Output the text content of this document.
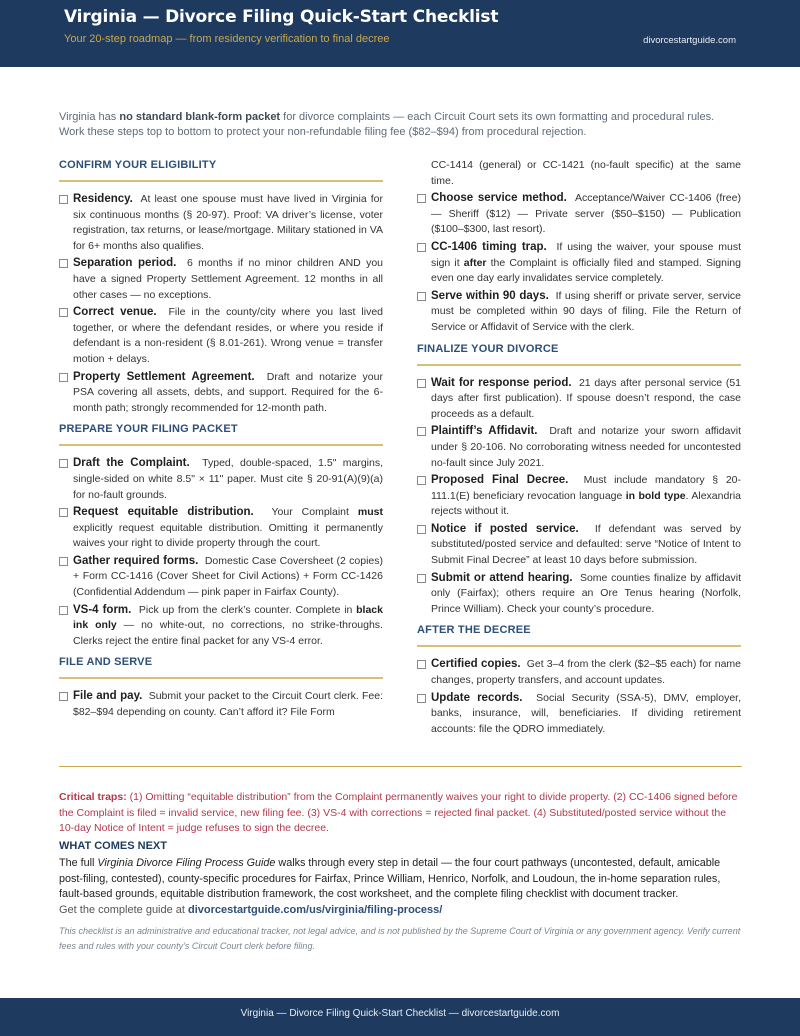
Virginia — Divorce Filing Quick-Start Checklist
Your 20-step roadmap — from residency verification to final decree	divorcestartguide.com
Virginia has no standard blank-form packet for divorce complaints — each Circuit Court sets its own formatting and procedural rules. Work these steps top to bottom to protect your non-refundable filing fee ($82–$94) from procedural rejection.
CONFIRM YOUR ELIGIBILITY
Residency. At least one spouse must have lived in Virginia for six continuous months (§ 20-97). Proof: VA driver’s license, voter registration, tax returns, or lease/mortgage. Military stationed in VA for 6+ months also qualifies.
Separation period. 6 months if no minor children AND you have a signed Property Settlement Agreement. 12 months in all other cases — no exceptions.
Correct venue. File in the county/city where you last lived together, or where the defendant resides, or where you reside if defendant is a non-resident (§ 8.01-261). Wrong venue = transfer motion + delays.
Property Settlement Agreement. Draft and notarize your PSA covering all assets, debts, and support. Required for the 6-month path; strongly recommended for 12-month path.
PREPARE YOUR FILING PACKET
Draft the Complaint. Typed, double-spaced, 1.5" margins, single-sided on white 8.5" × 11" paper. Must cite § 20-91(A)(9)(a) for no-fault grounds.
Request equitable distribution. Your Complaint must explicitly request equitable distribution. Omitting it permanently waives your right to divide property through the court.
Gather required forms. Domestic Case Coversheet (2 copies) + Form CC-1416 (Cover Sheet for Civil Actions) + Form CC-1426 (Confidential Addendum — pink paper in Fairfax County).
VS-4 form. Pick up from the clerk’s counter. Complete in black ink only — no white-out, no corrections, no strike-throughs. Clerks reject the entire final packet for any VS-4 error.
FILE AND SERVE
File and pay. Submit your packet to the Circuit Court clerk. Fee: $82–$94 depending on county. Can’t afford it? File Form
CC-1414 (general) or CC-1421 (no-fault specific) at the same time.
Choose service method. Acceptance/Waiver CC-1406 (free) — Sheriff ($12) — Private server ($50–$150) — Publication ($100–$300, last resort).
CC-1406 timing trap. If using the waiver, your spouse must sign it after the Complaint is officially filed and stamped. Signing even one day early invalidates service completely.
Serve within 90 days. If using sheriff or private server, service must be completed within 90 days of filing. File the Return of Service or Affidavit of Service with the clerk.
FINALIZE YOUR DIVORCE
Wait for response period. 21 days after personal service (51 days after first publication). If spouse doesn’t respond, the case proceeds as a default.
Plaintiff’s Affidavit. Draft and notarize your sworn affidavit under § 20-106. No corroborating witness needed for uncontested no-fault since July 2021.
Proposed Final Decree. Must include mandatory § 20-111.1(E) beneficiary revocation language in bold type. Alexandria rejects without it.
Notice if posted service. If defendant was served by substituted/posted service and defaulted: serve “Notice of Intent to Submit Final Decree” at least 10 days before submission.
Submit or attend hearing. Some counties finalize by affidavit only (Fairfax); others require an Ore Tenus hearing (Norfolk, Prince William). Check your county’s procedure.
AFTER THE DECREE
Certified copies. Get 3–4 from the clerk ($2–$5 each) for name changes, property transfers, and account updates.
Update records. Social Security (SSA-5), DMV, employer, banks, insurance, will, beneficiaries. If dividing retirement accounts: file the QDRO immediately.
Critical traps: (1) Omitting “equitable distribution” from the Complaint permanently waives your right to divide property. (2) CC-1406 signed before the Complaint is filed = invalid service, new filing fee. (3) VS-4 with corrections = rejected final packet. (4) Substituted/posted service without the 10-day Notice of Intent = judge refuses to sign the decree.
WHAT COMES NEXT
The full Virginia Divorce Filing Process Guide walks through every step in detail — the four court pathways (uncontested, default, amicable post-filing, contested), county-specific procedures for Fairfax, Prince William, Henrico, Norfolk, and Loudoun, the in-home separation rules, fault-based grounds, equitable distribution framework, the cost worksheet, and the complete filing checklist with document tracker.
Get the complete guide at divorcestartguide.com/us/virginia/filing-process/
This checklist is an administrative and educational tracker, not legal advice, and is not published by the Supreme Court of Virginia or any government agency. Verify current fees and rules with your county’s Circuit Court clerk before filing.
Virginia — Divorce Filing Quick-Start Checklist — divorcestartguide.com
